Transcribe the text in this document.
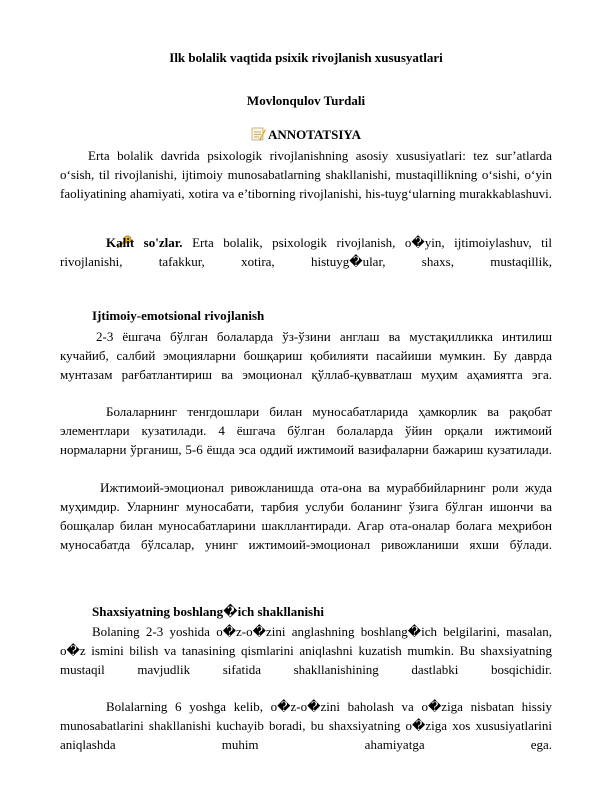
Ilk bolalik vaqtida psixik rivojlanish xususyatlari
Movlonqulov Turdali
ANNOTATSIYA

Erta bolalik davrida psixologik rivojlanishning asosiy xususiyatlari: tez sur’atlarda o‘sish, til rivojlanishi, ijtimoiy munosabatlarning shakllanishi, mustaqillikning o‘sishi, o‘yin faoliyatining ahamiyati, xotira va e’tiborning rivojlanishi, his-tuyg‘ularning murakkablashuvi.

Kalit so'zlar. Erta bolalik, psixologik rivojlanish, o�yin, ijtimoiylashuv, til rivojlanishi, tafakkur, xotira, histuyg�ular, shaxs, mustaqillik,

Ijtimoiy-emotsional rivojlanish

2-3 ёшгача бўлган болаларда ўз-ўзини англаш ва мустақилликка интилиш кучайиб, салбий эмоцияларни бошқариш қобилияти пасайиши мумкин. Бу даврда мунтазам рағбатлантириш ва эмоционал қўллаб-қувватлаш муҳим аҳамиятга эга.

Болаларнинг тенгдошлари билан муносабатларида ҳамкорлик ва рақобат элементлари кузатилади. 4 ёшгача бўлган болаларда ўйин орқали ижтимоий нормаларни ўрганиш, 5-6 ёшда эса оддий ижтимоий вазифаларни бажариш кузатилади.

Ижтимоий-эмоционал ривожланишда ота-она ва мураббийларнинг роли жуда муҳимдир. Уларнинг муносабати, тарбия услуби боланинг ўзига бўлган ишончи ва бошқалар билан муносабатларини шакллантиради. Агар ота-оналар болага меҳрибон муносабатда бўлсалар, унинг ижтимоий-эмоционал ривожланиши яхши бўлади.

Shaxsiyatning boshlang�ich shakllanishi

Bolaning 2-3 yoshida o�z-o�zini anglashning boshlang�ich belgilarini, masalan, o�z ismini bilish va tanasining qismlarini aniqlashni kuzatish mumkin. Bu shaxsiyatning mustaqil mavjudlik sifatida shakllanishining dastlabki bosqichidir.

Bolalarning 6 yoshga kelib, o�z-o�zini baholash va o�ziga nisbatan hissiy munosabatlarini shakllanishi kuchayib boradi, bu shaxsiyatning o�ziga xos xususiyatlarini aniqlashda muhim ahamiyatga ega.
